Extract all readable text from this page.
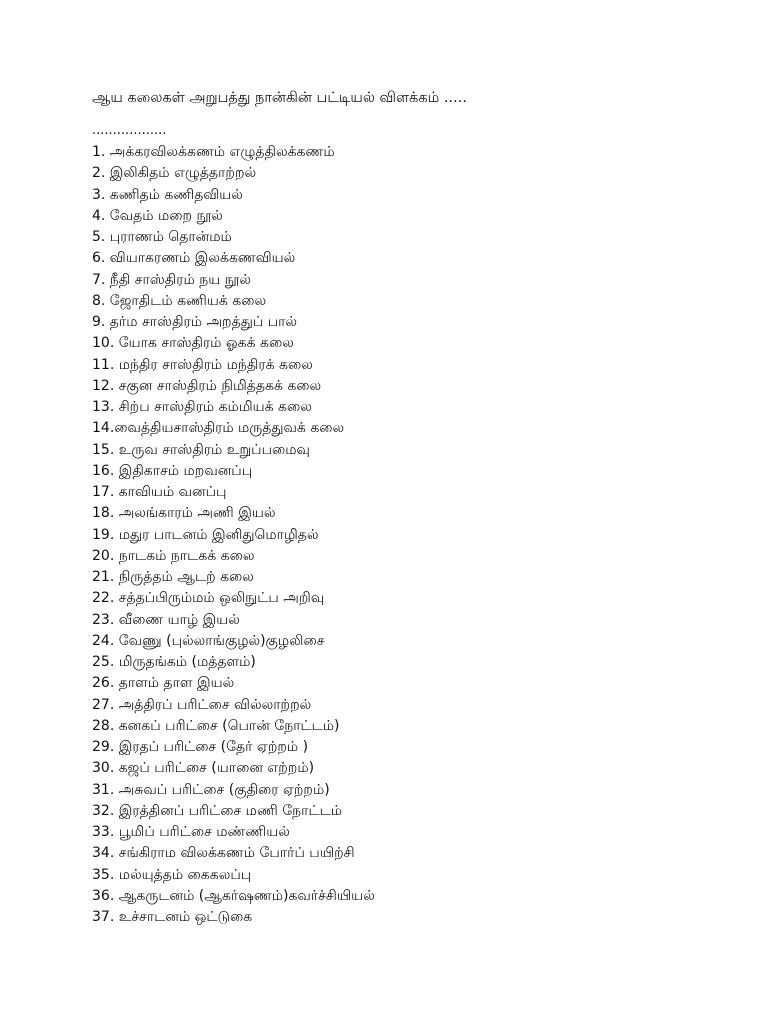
ஆய கலைகள் அறுபத்து நான்கின் பட்டியல் விளக்கம் .....
..................
1. அக்கரவிலக்கணம் எழுத்திலக்கணம்
2. இலிகிதம் எழுத்தாற்றல்
3. கணிதம் கணிதவியல்
4. வேதம் மறை நூல்
5. புராணம் தொன்மம்
6. வியாகரணம் இலக்கணவியல்
7. நீதி சாஸ்திரம் நய நூல்
8. ஜோதிடம் கணியக் கலை
9. தர்ம சாஸ்திரம் அறத்துப் பால்
10. யோக சாஸ்திரம் ஓகக் கலை
11. மந்திர சாஸ்திரம் மந்திரக் கலை
12. சகுன சாஸ்திரம் நிமித்தகக் கலை
13. சிற்ப சாஸ்திரம் கம்மியக் கலை
14.வைத்தியசாஸ்திரம் மருத்துவக் கலை
15. உருவ சாஸ்திரம் உறுப்பமைவு
16. இதிகாசம் மறவனப்பு
17. காவியம் வனப்பு
18. அலங்காரம் அணி இயல்
19. மதுர பாடனம் இனிதுமொழிதல்
20. நாடகம் நாடகக் கலை
21. நிருத்தம் ஆடற் கலை
22. சத்தப்பிரும்மம் ஒலிநுட்ப அறிவு
23. வீணை யாழ் இயல்
24. வேணு (புல்லாங்குழல்)குழலிசை
25. மிருதங்கம் (மத்தளம்)
26. தாளம் தாள இயல்
27. அத்திரப் பரிட்சை வில்லாற்றல்
28. கனகப் பரிட்சை (பொன் நோட்டம்)
29. இரதப் பரிட்சை (தேர் ஏற்றம் )
30. கஜப் பரிட்சை (யானை எற்றம்)
31. அசுவப் பரிட்சை (குதிரை ஏற்றம்)
32. இரத்தினப் பரிட்சை மணி நோட்டம்
33. பூமிப் பரிட்சை மண்ணியல்
34. சங்கிராம விலக்கணம் போர்ப் பயிற்சி
35. மல்யுத்தம் கைகலப்பு
36. ஆகருடனம் (ஆகர்ஷணம்)கவர்ச்சியியல்
37. உச்சாடனம் ஒட்டுகை
